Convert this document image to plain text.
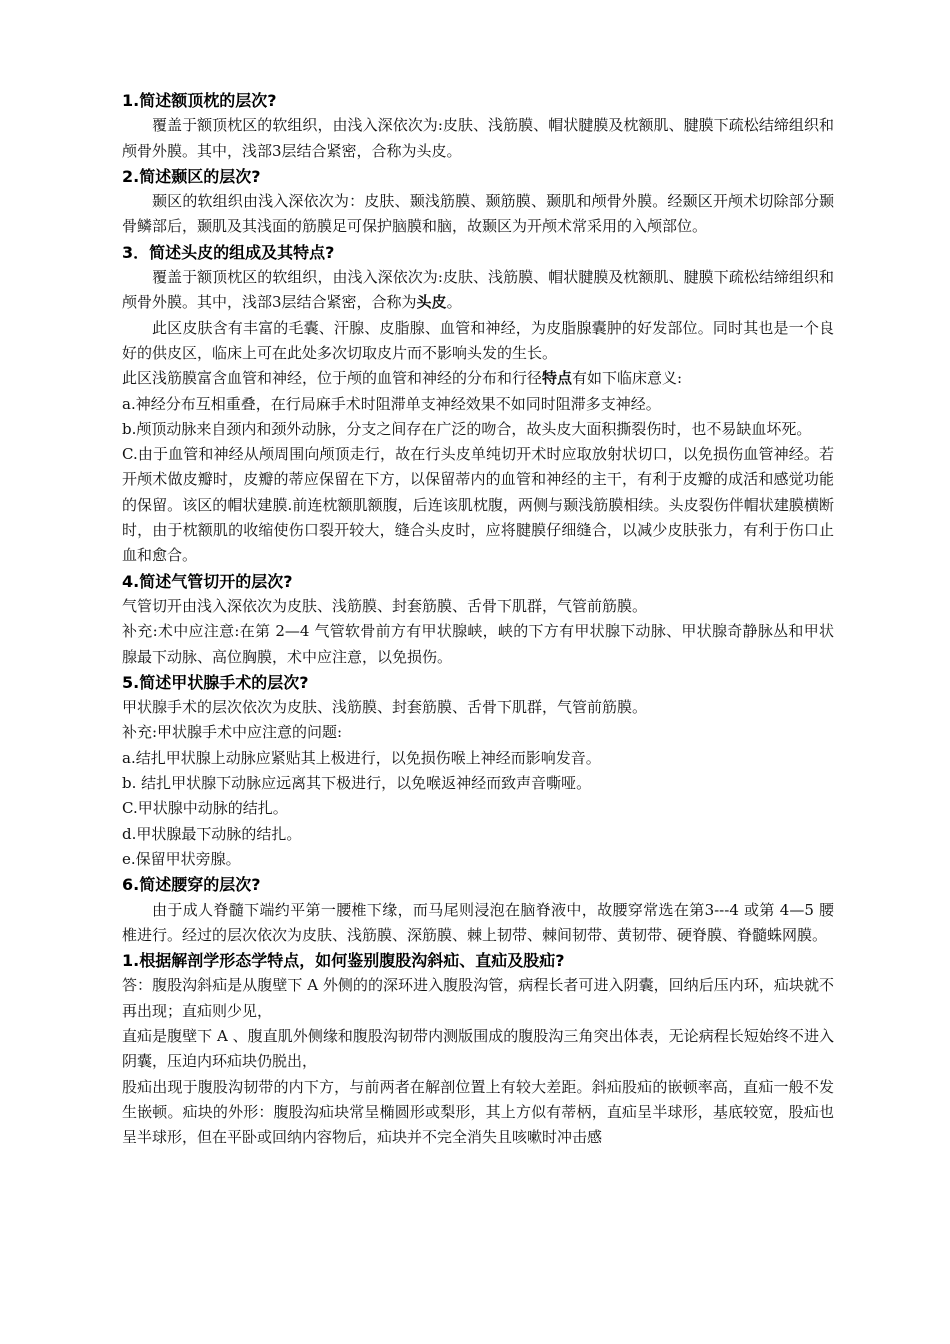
1.简述额顶枕的层次?

覆盖于额顶枕区的软组织，由浅入深依次为:皮肤、浅筋膜、帽状腱膜及枕额肌、腱膜下疏松结缔组织和颅骨外膜。其中，浅部3层结合紧密，合称为头皮。

2.简述颞区的层次?

颞区的软组织由浅入深依次为：皮肤、颞浅筋膜、颞筋膜、颞肌和颅骨外膜。经颞区开颅术切除部分颞骨鳞部后，颞肌及其浅面的筋膜足可保护脑膜和脑，故颞区为开颅术常采用的入颅部位。

3．简述头皮的组成及其特点?

覆盖于额顶枕区的软组织，由浅入深依次为:皮肤、浅筋膜、帽状腱膜及枕额肌、腱膜下疏松结缔组织和颅骨外膜。其中，浅部3层结合紧密，合称为头皮。

此区皮肤含有丰富的毛囊、汗腺、皮脂腺、血管和神经，为皮脂腺囊肿的好发部位。同时其也是一个良好的供皮区，临床上可在此处多次切取皮片而不影响头发的生长。

此区浅筋膜富含血管和神经，位于颅的血管和神经的分布和行径特点有如下临床意义:

a.神经分布互相重叠，在行局麻手术时阻滞单支神经效果不如同时阻滞多支神经。

b.颅顶动脉来自颈内和颈外动脉，分支之间存在广泛的吻合，故头皮大面积撕裂伤时，也不易缺血坏死。

C.由于血管和神经从颅周围向颅顶走行，故在行头皮单纯切开术时应取放射状切口，以免损伤血管神经。若开颅术做皮瓣时，皮瓣的蒂应保留在下方，以保留蒂内的血管和神经的主干，有利于皮瓣的成活和感觉功能的保留。该区的帽状建膜.前连枕额肌额腹，后连该肌枕腹，两侧与颞浅筋膜相续。头皮裂伤伴帽状建膜横断时，由于枕额肌的收缩使伤口裂开较大，缝合头皮时，应将腱膜仔细缝合，以减少皮肤张力，有利于伤口止血和愈合。

4.简述气管切开的层次?

气管切开由浅入深依次为皮肤、浅筋膜、封套筋膜、舌骨下肌群，气管前筋膜。

补充:术中应注意:在第 2—4 气管软骨前方有甲状腺峡，峡的下方有甲状腺下动脉、甲状腺奇静脉丛和甲状腺最下动脉、高位胸膜，术中应注意，以免损伤。

5.简述甲状腺手术的层次?

甲状腺手术的层次依次为皮肤、浅筋膜、封套筋膜、舌骨下肌群，气管前筋膜。

补充:甲状腺手术中应注意的问题:

a.结扎甲状腺上动脉应紧贴其上极进行，以免损伤喉上神经而影响发音。

b. 结扎甲状腺下动脉应远离其下极进行，以免喉返神经而致声音嘶哑。

C.甲状腺中动脉的结扎。

d.甲状腺最下动脉的结扎。

e.保留甲状旁腺。

6.简述腰穿的层次?

由于成人脊髓下端约平第一腰椎下缘，而马尾则浸泡在脑脊液中，故腰穿常选在第3---4 或第 4—5 腰椎进行。经过的层次依次为皮肤、浅筋膜、深筋膜、棘上韧带、棘间韧带、黄韧带、硬脊膜、脊髓蛛网膜。

1.根据解剖学形态学特点，如何鉴别腹股沟斜疝、直疝及股疝?

答：腹股沟斜疝是从腹壁下 A 外侧的的深环进入腹股沟管，病程长者可进入阴囊，回纳后压内环，疝块就不再出现；直疝则少见，

直疝是腹壁下 A 、腹直肌外侧缘和腹股沟韧带内测版围成的腹股沟三角突出体表，无论病程长短始终不进入阴囊，压迫内环疝块仍脱出，

股疝出现于腹股沟韧带的内下方，与前两者在解剖位置上有较大差距。斜疝股疝的嵌顿率高，直疝一般不发生嵌顿。疝块的外形：腹股沟疝块常呈椭圆形或梨形，其上方似有蒂柄，直疝呈半球形，基底较宽，股疝也呈半球形，但在平卧或回纳内容物后，疝块并不完全消失且咳嗽时冲击感
